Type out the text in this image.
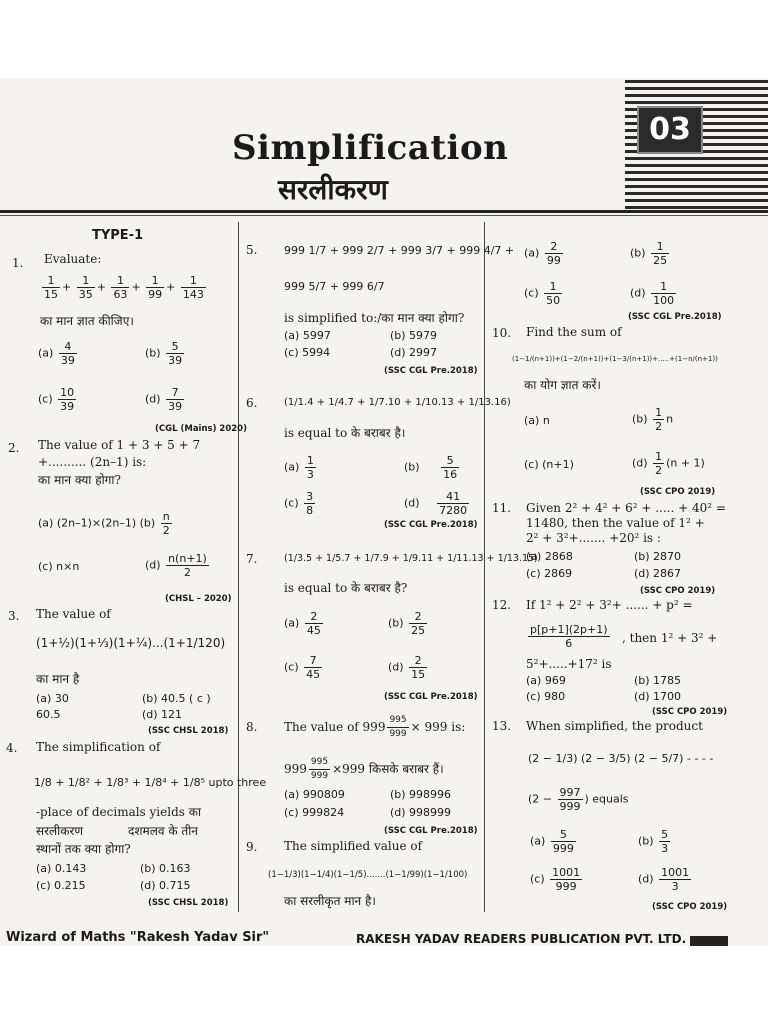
03
Simplification
सरलीकरण
TYPE-1
1. Evaluate:
$\frac{1}{15} + \frac{1}{35} + \frac{1}{63} + \frac{1}{99} + \frac{1}{143}$
का मान ज्ञात कीजिए।
$(a) \frac{4}{39}$	$(b) \frac{5}{39}$
$(c) \frac{10}{39}$	$(d) \frac{7}{39}$
(CGL (Mains) 2020)
2. The value of 1 + 3 + 5 + 7
+.......... (2n–1) is:
का मान क्या होगा?
(a) (2n–1)×(2n–1) $(b) \frac{n}{2}$
(c) n×n	$(d) \frac{n(n+1)}{2}$
(CHSL – 2020)
3. The value of
(1+½)(1+⅓)(1+¼)...(1+1/120)
का मान है
(a) 30	(b) 40.5 ( c )
60.5	(d) 121
(SSC CHSL 2018)
4. The simplification of
1/8 + 1/8² + 1/8³ + 1/8⁴ + 1/8⁵ upto three
-place of decimals yields का
सरलीकरण	दशमलव के तीन
स्थानों तक क्या होगा?
(a) 0.143	(b) 0.163
(c) 0.215	(d) 0.715
(SSC CHSL 2018)
5. 999 1/7 + 999 2/7 + 999 3/7 + 999 4/7 +
999 5/7 + 999 6/7
is simplified to:/का मान क्या होगा?
(a) 5997	(b) 5979
(c) 5994	(d) 2997
(SSC CGL Pre.2018)
6.	(1/1.4 + 1/4.7 + 1/7.10 + 1/10.13 + 1/13.16)
is equal to के बराबर है।
$(a) \frac{1}{3}$	$(b) \frac{5}{16}$
$(c) \frac{3}{8}$	$(d) \frac{41}{7280}$
(SSC CGL Pre.2018)
7.	(1/3.5 + 1/5.7 + 1/7.9 + 1/9.11 + 1/11.13 + 1/13.15)
is equal to के बराबर है?
$(a) \frac{2}{45}$	$(b) \frac{2}{25}$
$(c) \frac{7}{45}$	$(d) \frac{2}{15}$
(SSC CGL Pre.2018)
8. The value of $999 \frac{995}{999} \times 999$ is:
$999 \frac{995}{999} \times 999$ किसके बराबर हैं।
(a) 990809	(b) 998996
(c) 999824	(d) 998999
(SSC CGL Pre.2018)
9. The simplified value of
(1−1/3)(1−1/4)(1−1/5).......(1−1/99)(1−1/100)
का सरलीकृत मान है।
$(a) \frac{2}{99}$	$(b) \frac{1}{25}$
$(c) \frac{1}{50}$	$(d) \frac{1}{100}$
(SSC CGL Pre.2018)
10. Find the sum of
(1−1/(n+1))+(1−2/(n+1))+(1−3/(n+1))+.....+(1−n/(n+1))
का योग ज्ञात करें।
(a) n	$(b) \frac{1}{2}$ n
(c) (n+1)	$(d) \frac{1}{2} (n + 1)$
(SSC CPO 2019)
11. Given 2² + 4² + 6² + ..... + 40² =
11480, then the value of 1² +
2² + 3²+....... +20² is :
(a) 2868	(b) 2870
(c) 2869	(d) 2867
(SSC CPO 2019)
12. If 1² + 2² + 3²+ ...... + p² =
$\frac{p[p+1](2p+1)}{6}$ , then 1² + 3² +
5²+.....+17² is
(a) 969	(b) 1785
(c) 980	(d) 1700
(SSC CPO 2019)
13. When simplified, the product
(2 − 1/3) (2 − 3/5) (2 − 5/7) - - - -
($2 - \frac{997}{999}$ ) equals
$(a) \frac{5}{999}$	$(b) \frac{5}{3}$
$(c) \frac{1001}{999}$	$(d) \frac{1001}{3}$
(SSC CPO 2019)
Wizard of Maths "Rakesh Yadav Sir"	RAKESH YADAV READERS PUBLICATION PVT. LTD.
